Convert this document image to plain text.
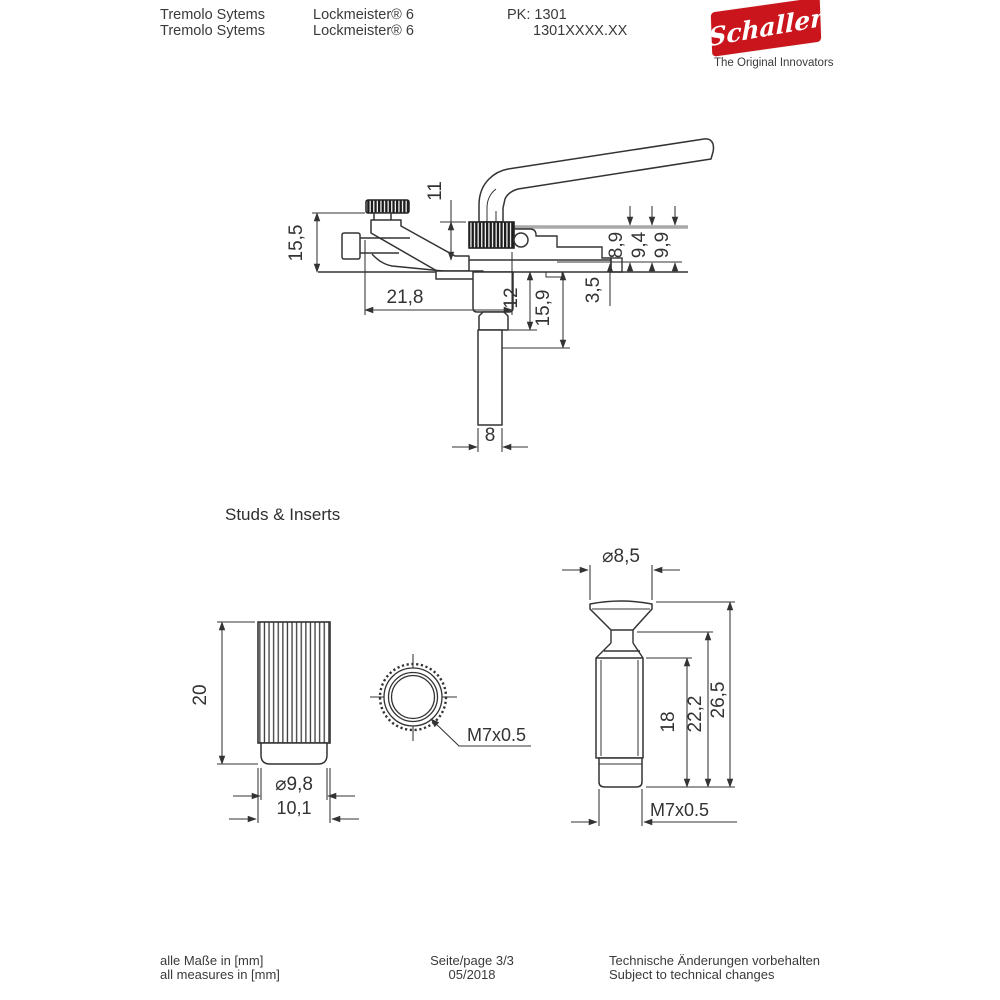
Tremolo Sytems	Lockmeister® 6	PK: 1301
Tremolo Sytems	Lockmeister® 6	1301XXXX.XX	Schaller
The Original Innovators
Studs & Inserts
15,5
11
21,8	12 15,9 3,5
8,9 9,4 9,9
8
20
⌀9,8
10,1
M7x0.5
⌀8,5
18 22,2 26,5
M7x0.5
alle Maße in [mm]
all measures in [mm]
Seite/page 3/3
05/2018
Technische Änderungen vorbehalten
Subject to technical changes
